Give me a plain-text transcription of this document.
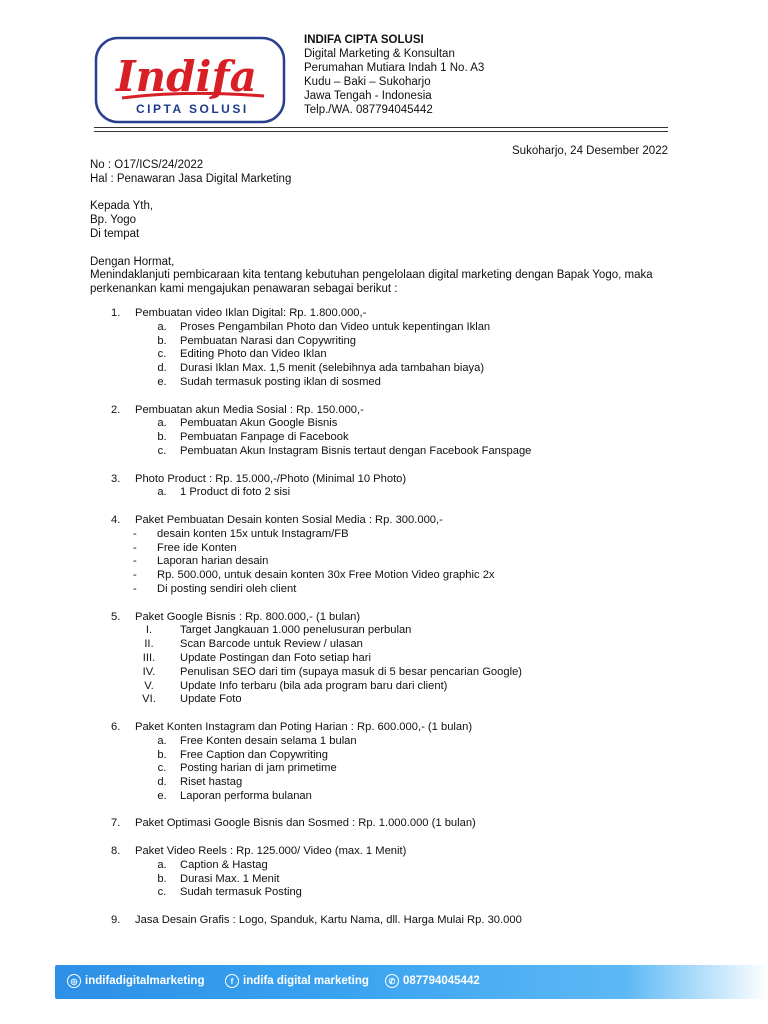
Indifa
CIPTA SOLUSI
INDIFA CIPTA SOLUSI
Digital Marketing & Konsultan
Perumahan Mutiara Indah 1 No. A3
Kudu – Baki – Sukoharjo
Jawa Tengah - Indonesia
Telp./WA. 087794045442
Sukoharjo, 24 Desember 2022
No : O17/ICS/24/2022
Hal : Penawaran Jasa Digital Marketing
Kepada Yth,
Bp. Yogo
Di tempat
Dengan Hormat,
Menindaklanjuti pembicaraan kita tentang kebutuhan pengelolaan digital marketing dengan Bapak Yogo, maka perkenankan kami mengajukan penawaran sebagai berikut :
1.	Pembuatan video Iklan Digital: Rp. 1.800.000,-
a.	Proses Pengambilan Photo dan Video untuk kepentingan Iklan
b.	Pembuatan Narasi dan Copywriting
c.	Editing Photo dan Video Iklan
d.	Durasi Iklan Max. 1,5 menit (selebihnya ada tambahan biaya)
e.	Sudah termasuk posting iklan di sosmed
2.	Pembuatan akun Media Sosial : Rp. 150.000,-
a.	Pembuatan Akun Google Bisnis
b.	Pembuatan Fanpage di Facebook
c.	Pembuatan Akun Instagram Bisnis tertaut dengan Facebook Fanspage
3.	Photo Product : Rp. 15.000,-/Photo (Minimal 10 Photo)
a.	1 Product di foto 2 sisi
4.	Paket Pembuatan Desain konten Sosial Media : Rp. 300.000,-
-	desain konten 15x untuk Instagram/FB
-	Free ide Konten
-	Laporan harian desain
-	Rp. 500.000, untuk desain konten 30x Free Motion Video graphic 2x
-	Di posting sendiri oleh client
5.	Paket Google Bisnis : Rp. 800.000,- (1 bulan)
I.	Target Jangkauan 1.000 penelusuran perbulan
II.	Scan Barcode untuk Review / ulasan
III.	Update Postingan dan Foto setiap hari
IV.	Penulisan SEO dari tim (supaya masuk di 5 besar pencarian Google)
V.	Update Info terbaru (bila ada program baru dari client)
VI.	Update Foto
6.	Paket Konten Instagram dan Poting Harian : Rp. 600.000,- (1 bulan)
a.	Free Konten desain selama 1 bulan
b.	Free Caption dan Copywriting
c.	Posting harian di jam primetime
d.	Riset hastag
e.	Laporan performa bulanan
7.	Paket Optimasi Google Bisnis dan Sosmed : Rp. 1.000.000 (1 bulan)
8.	Paket Video Reels : Rp. 125.000/ Video (max. 1 Menit)
a.	Caption & Hastag
b.	Durasi Max. 1 Menit
c.	Sudah termasuk Posting
9.	Jasa Desain Grafis : Logo, Spanduk, Kartu Nama, dll. Harga Mulai Rp. 30.000
◎ indifadigitalmarketing	f indifa digital marketing	✆ 087794045442
